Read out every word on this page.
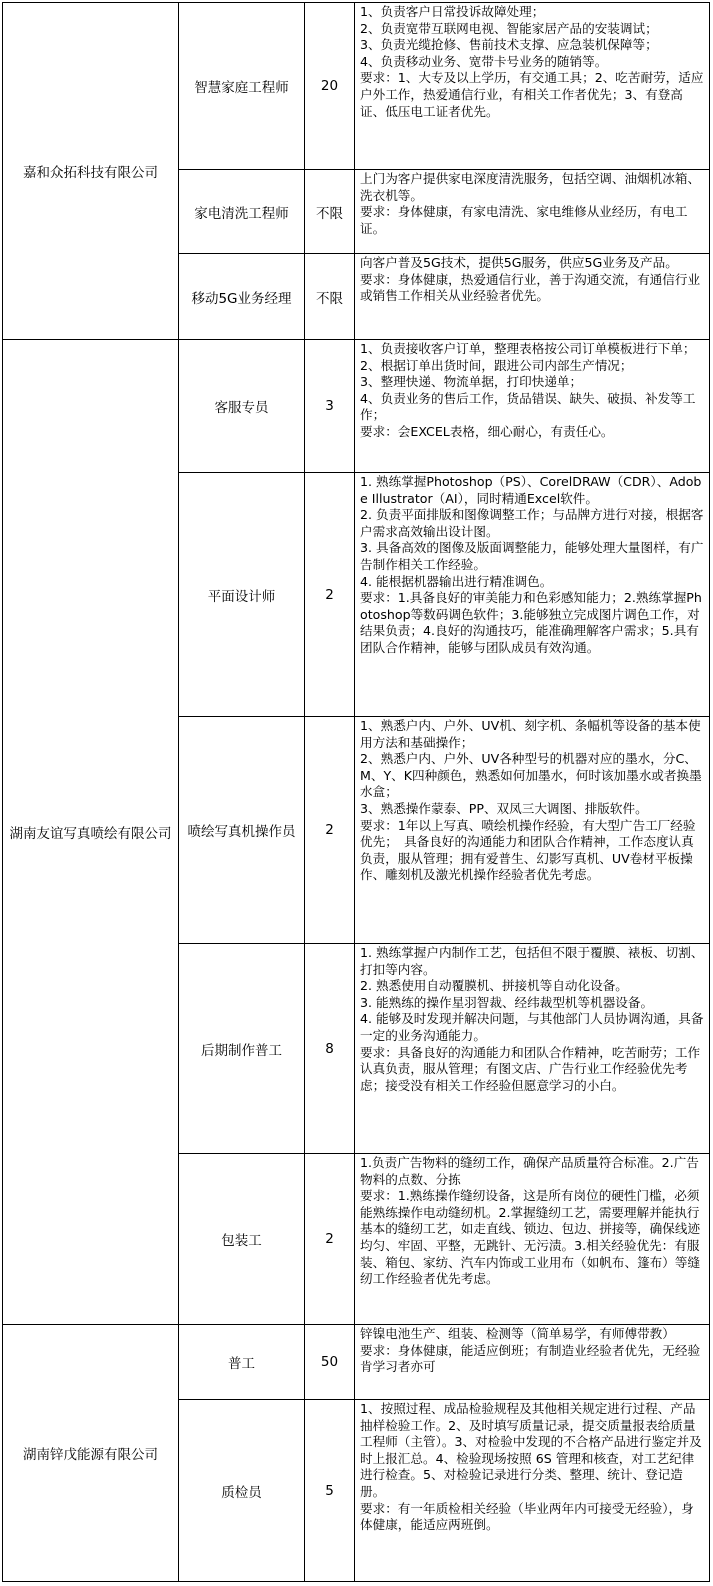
嘉和众拓科技有限公司	智慧家庭工程师	20	1、负责客户日常投诉故障处理；
2、负责宽带互联网电视、智能家居产品的安装调试；
3、负责光缆抢修、售前技术支撑、应急装机保障等；
4、负责移动业务、宽带卡号业务的随销等。
要求：1、大专及以上学历，有交通工具；2、吃苦耐劳，适应户外工作，热爱通信行业，有相关工作者优先；3、有登高证、低压电工证者优先。
	家电清洗工程师	不限	上门为客户提供家电深度清洗服务，包括空调、油烟机冰箱、洗衣机等。
要求：身体健康，有家电清洗、家电维修从业经历，有电工证。
	移动5G业务经理	不限	向客户普及5G技术，提供5G服务，供应5G业务及产品。
要求：身体健康，热爱通信行业，善于沟通交流，有通信行业或销售工作相关从业经验者优先。
湖南友谊写真喷绘有限公司	客服专员	3	1、负责接收客户订单，整理表格按公司订单模板进行下单；
2、根据订单出货时间，跟进公司内部生产情况；
3、整理快递、物流单据，打印快递单；
4、负责业务的售后工作，货品错误、缺失、破损、补发等工作；
要求：会EXCEL表格，细心耐心，有责任心。
	平面设计师	2	1. 熟练掌握Photoshop（PS）、CorelDRAW（CDR）、Adobe Illustrator（AI），同时精通Excel软件。
2. 负责平面排版和图像调整工作；与品牌方进行对接，根据客户需求高效输出设计图。
3. 具备高效的图像及版面调整能力，能够处理大量图样，有广告制作相关工作经验。
4. 能根据机器输出进行精准调色。
要求：1.具备良好的审美能力和色彩感知能力；2.熟练掌握Photoshop等数码调色软件；3.能够独立完成图片调色工作，对结果负责；4.良好的沟通技巧，能准确理解客户需求；5.具有团队合作精神，能够与团队成员有效沟通。
	喷绘写真机操作员	2	1、熟悉户内、户外、UV机、刻字机、条幅机等设备的基本使用方法和基础操作；
2、熟悉户内、户外、UV各种型号的机器对应的墨水，分C、M、Y、K四种颜色，熟悉如何加墨水，何时该加墨水或者换墨水盒；
3、熟悉操作蒙泰、PP、双凤三大调图、排版软件。
要求：1年以上写真、喷绘机操作经验，有大型广告工厂经验优先；　具备良好的沟通能力和团队合作精神，工作态度认真负责，服从管理；拥有爱普生、幻影写真机、UV卷材平板操作、雕刻机及激光机操作经验者优先考虑。
	后期制作普工	8	1. 熟练掌握户内制作工艺，包括但不限于覆膜、裱板、切割、打扣等内容。
2. 熟悉使用自动覆膜机、拼接机等自动化设备。
3. 能熟练的操作星羽智裁、经纬裁型机等机器设备。
4. 能够及时发现并解决问题，与其他部门人员协调沟通，具备一定的业务沟通能力。
要求：具备良好的沟通能力和团队合作精神，吃苦耐劳；工作认真负责，服从管理；有图文店、广告行业工作经验优先考虑；接受没有相关工作经验但愿意学习的小白。
	包装工	2	1.负责广告物料的缝纫工作，确保产品质量符合标准。2.广告物料的点数、分拣
要求：1.熟练操作缝纫设备，这是所有岗位的硬性门槛，必须能熟练操作电动缝纫机。2.掌握缝纫工艺，需要理解并能执行基本的缝纫工艺，如走直线、锁边、包边、拼接等，确保线迹均匀、牢固、平整，无跳针、无污渍。3.相关经验优先：有服装、箱包、家纺、汽车内饰或工业用布（如帆布、篷布）等缝纫工作经验者优先考虑。
湖南锌戊能源有限公司	普工	50	锌镍电池生产、组装、检测等（简单易学，有师傅带教）
要求：身体健康，能适应倒班；有制造业经验者优先，无经验肯学习者亦可
	质检员	5	1、按照过程、成品检验规程及其他相关规定进行过程、产品抽样检验工作。2、及时填写质量记录，提交质量报表给质量工程师（主管）。3、对检验中发现的不合格产品进行鉴定并及时上报汇总。4、检验现场按照 6S 管理和核查，对工艺纪律进行检查。5、对检验记录进行分类、整理、统计、登记造册。
要求：有一年质检相关经验（毕业两年内可接受无经验），身体健康，能适应两班倒。
